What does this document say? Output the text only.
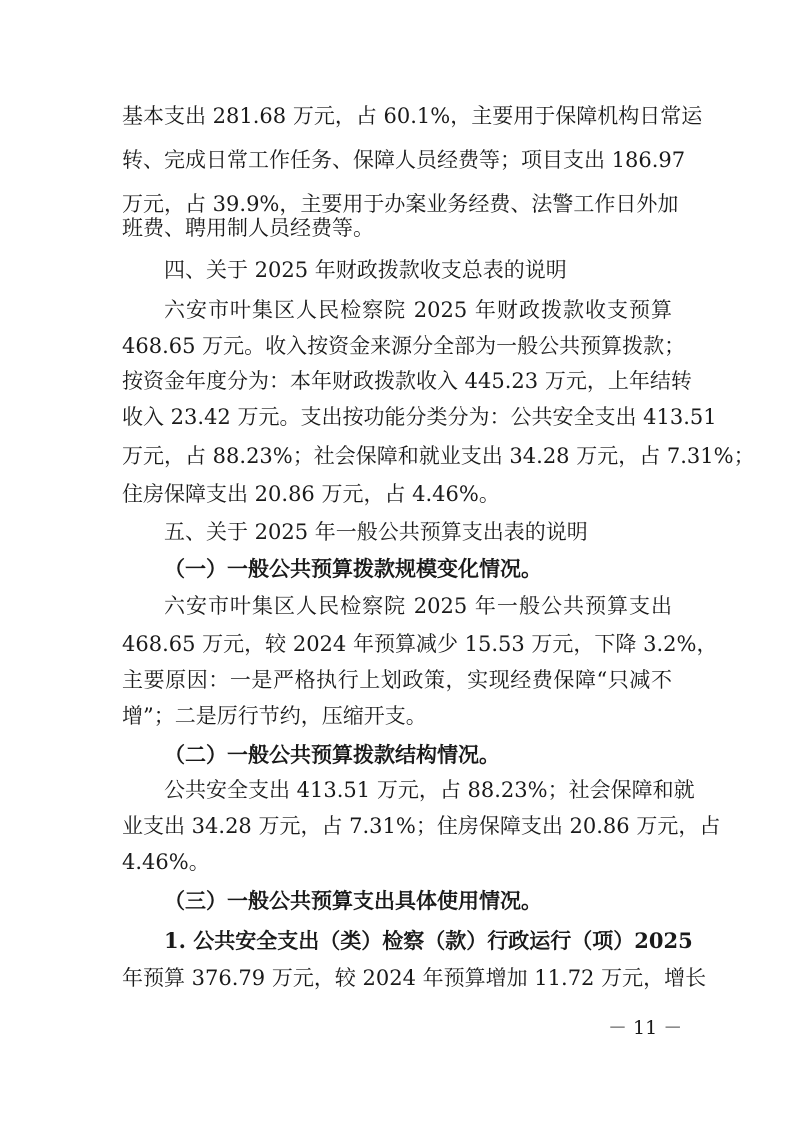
基本支出 281.68 万元，占 60.1%，主要用于保障机构日常运
转、完成日常工作任务、保障人员经费等；项目支出 186.97
万元，占 39.9%，主要用于办案业务经费、法警工作日外加
班费、聘用制人员经费等。
四、关于 2025 年财政拨款收支总表的说明
六安市叶集区人民检察院 2025 年财政拨款收支预算
468.65 万元。收入按资金来源分全部为一般公共预算拨款；
按资金年度分为：本年财政拨款收入 445.23 万元，上年结转
收入 23.42 万元。支出按功能分类分为：公共安全支出 413.51
万元，占 88.23%；社会保障和就业支出 34.28 万元，占 7.31%；
住房保障支出 20.86 万元，占 4.46%。
五、关于 2025 年一般公共预算支出表的说明
（一）一般公共预算拨款规模变化情况。
六安市叶集区人民检察院 2025 年一般公共预算支出
468.65 万元，较 2024 年预算减少 15.53 万元，下降 3.2%，
主要原因：一是严格执行上划政策，实现经费保障“只减不
增”；二是厉行节约，压缩开支。
（二）一般公共预算拨款结构情况。
公共安全支出 413.51 万元，占 88.23%；社会保障和就
业支出 34.28 万元，占 7.31%；住房保障支出 20.86 万元，占
4.46%。
（三）一般公共预算支出具体使用情况。
1. 公共安全支出（类）检察（款）行政运行（项）2025
年预算 376.79 万元，较 2024 年预算增加 11.72 万元，增长
－ 11 －
